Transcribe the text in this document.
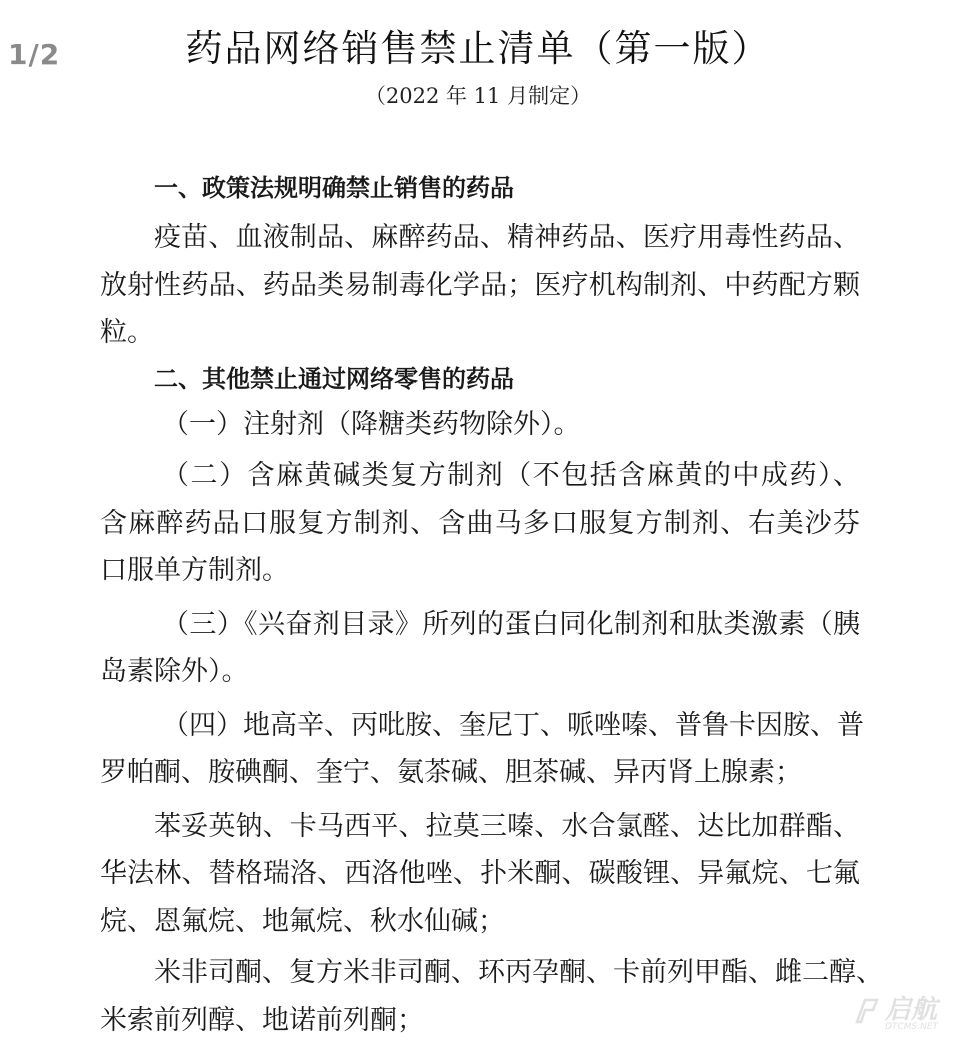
1/2	药品网络销售禁止清单（第一版）
（2022 年 11 月制定）
一、政策法规明确禁止销售的药品
疫苗、血液制品、麻醉药品、精神药品、医疗用毒性药品、
放射性药品、药品类易制毒化学品；医疗机构制剂、中药配方颗
粒。
二、其他禁止通过网络零售的药品
（一）注射剂（降糖类药物除外）。
（二）含麻黄碱类复方制剂（不包括含麻黄的中成药）、
含麻醉药品口服复方制剂、含曲马多口服复方制剂、右美沙芬
口服单方制剂。
（三）《兴奋剂目录》所列的蛋白同化制剂和肽类激素（胰
岛素除外）。
（四）地高辛、丙吡胺、奎尼丁、哌唑嗪、普鲁卡因胺、普
罗帕酮、胺碘酮、奎宁、氨茶碱、胆茶碱、异丙肾上腺素；
苯妥英钠、卡马西平、拉莫三嗪、水合氯醛、达比加群酯、
华法林、替格瑞洛、西洛他唑、扑米酮、碳酸锂、异氟烷、七氟
烷、恩氟烷、地氟烷、秋水仙碱；
米非司酮、复方米非司酮、环丙孕酮、卡前列甲酯、雌二醇、
米索前列醇、地诺前列酮；	启航
DTCMS.NET
